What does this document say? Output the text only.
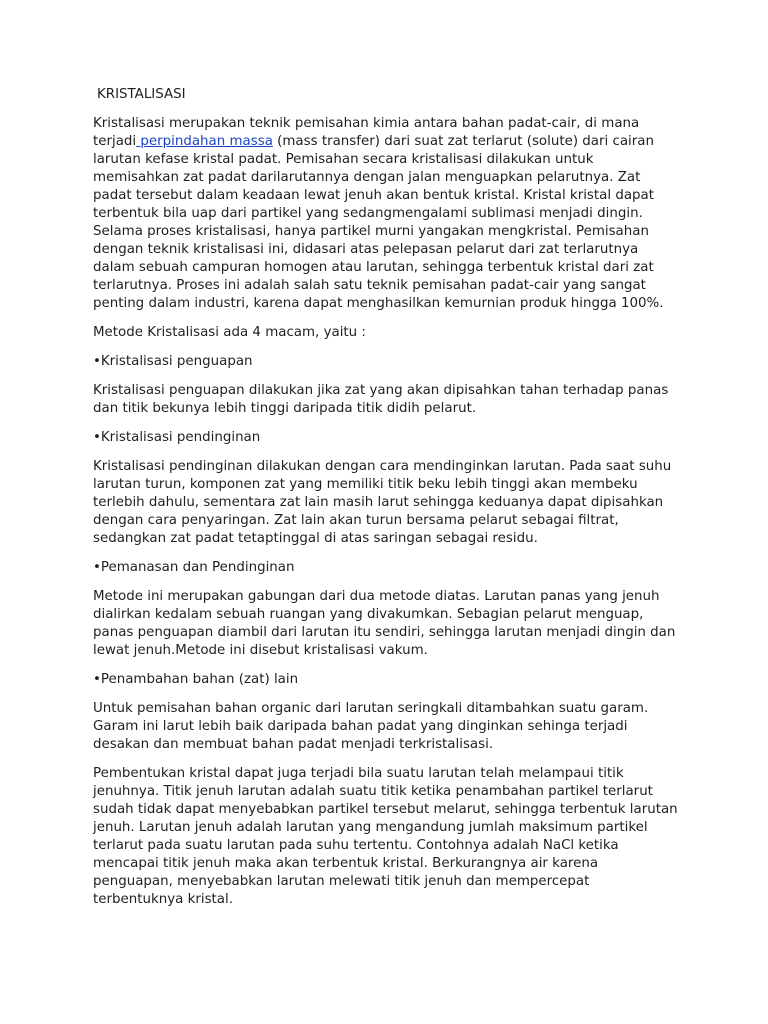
KRISTALISASI

Kristalisasi merupakan teknik pemisahan kimia antara bahan padat-cair, di mana terjadi perpindahan massa (mass transfer) dari suat zat terlarut (solute) dari cairan larutan kefase kristal padat. Pemisahan secara kristalisasi dilakukan untuk memisahkan zat padat darilarutannya dengan jalan menguapkan pelarutnya. Zat padat tersebut dalam keadaan lewat jenuh akan bentuk kristal. Kristal kristal dapat terbentuk bila uap dari partikel yang sedangmengalami sublimasi menjadi dingin. Selama proses kristalisasi, hanya partikel murni yangakan mengkristal. Pemisahan dengan teknik kristalisasi ini, didasari atas pelepasan pelarut dari zat terlarutnya dalam sebuah campuran homogen atau larutan, sehingga terbentuk kristal dari zat terlarutnya. Proses ini adalah salah satu teknik pemisahan padat-cair yang sangat penting dalam industri, karena dapat menghasilkan kemurnian produk hingga 100%.

Metode Kristalisasi ada 4 macam, yaitu :

•Kristalisasi penguapan

Kristalisasi penguapan dilakukan jika zat yang akan dipisahkan tahan terhadap panas dan titik bekunya lebih tinggi daripada titik didih pelarut.

•Kristalisasi pendinginan

Kristalisasi pendinginan dilakukan dengan cara mendinginkan larutan. Pada saat suhu larutan turun, komponen zat yang memiliki titik beku lebih tinggi akan membeku terlebih dahulu, sementara zat lain masih larut sehingga keduanya dapat dipisahkan dengan cara penyaringan. Zat lain akan turun bersama pelarut sebagai filtrat, sedangkan zat padat tetaptinggal di atas saringan sebagai residu.

•Pemanasan dan Pendinginan

Metode ini merupakan gabungan dari dua metode diatas. Larutan panas yang jenuh dialirkan kedalam sebuah ruangan yang divakumkan. Sebagian pelarut menguap, panas penguapan diambil dari larutan itu sendiri, sehingga larutan menjadi dingin dan lewat jenuh.Metode ini disebut kristalisasi vakum.

•Penambahan bahan (zat) lain

Untuk pemisahan bahan organic dari larutan seringkali ditambahkan suatu garam. Garam ini larut lebih baik daripada bahan padat yang dinginkan sehinga terjadi desakan dan membuat bahan padat menjadi terkristalisasi.

Pembentukan kristal dapat juga terjadi bila suatu larutan telah melampaui titik jenuhnya. Titik jenuh larutan adalah suatu titik ketika penambahan partikel terlarut sudah tidak dapat menyebabkan partikel tersebut melarut, sehingga terbentuk larutan jenuh. Larutan jenuh adalah larutan yang mengandung jumlah maksimum partikel terlarut pada suatu larutan pada suhu tertentu. Contohnya adalah NaCl ketika mencapai titik jenuh maka akan terbentuk kristal. Berkurangnya air karena penguapan, menyebabkan larutan melewati titik jenuh dan mempercepat terbentuknya kristal.
